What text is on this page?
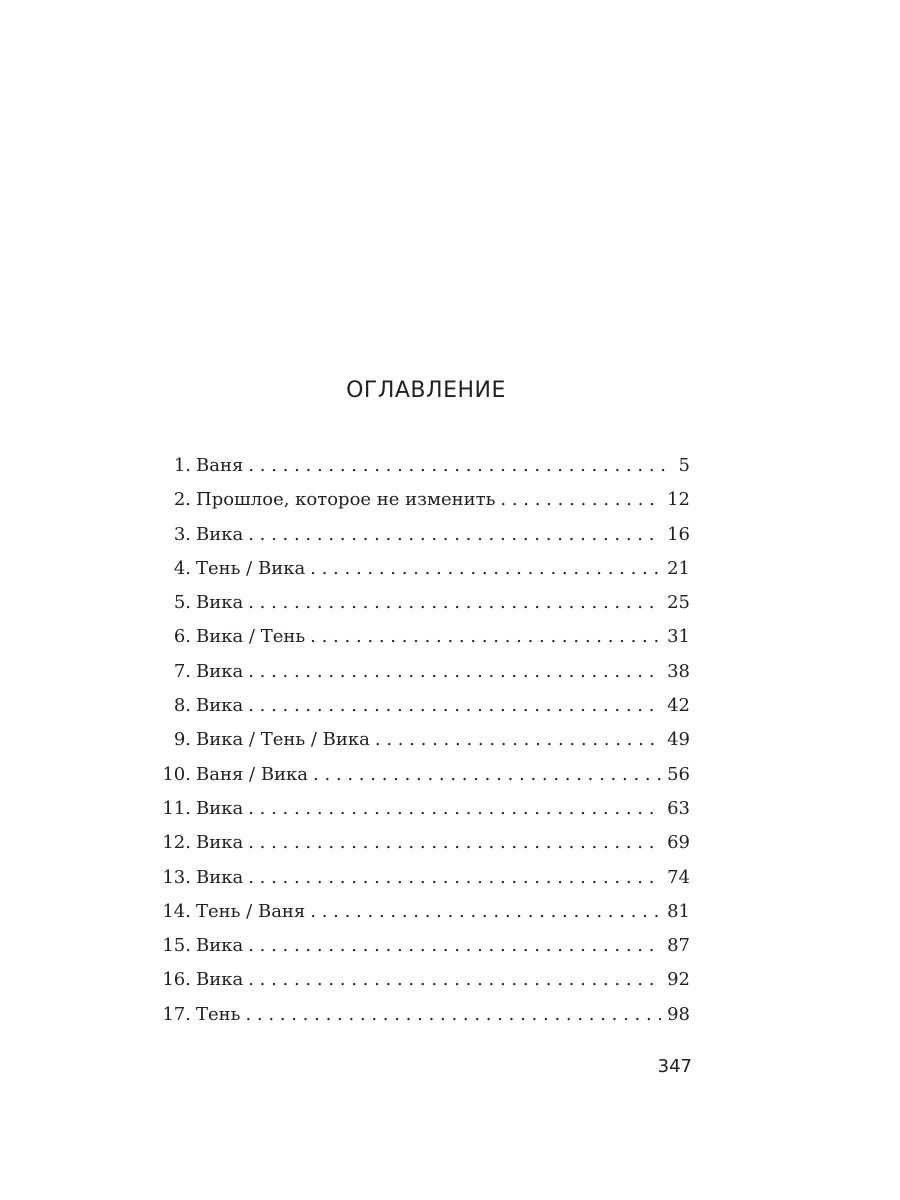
ОГЛАВЛЕНИЕ
1. Ваня . . .	5
2. Прошлое, которое не изменить . . .	12
3. Вика . . .	16
4. Тень / Вика . . .	21
5. Вика . . .	25
6. Вика / Тень . . .	31
7. Вика . . .	38
8. Вика . . .	42
9. Вика / Тень / Вика . . .	49
10. Ваня / Вика . . .	56
11. Вика . . .	63
12. Вика . . .	69
13. Вика . . .	74
14. Тень / Ваня . . .	81
15. Вика . . .	87
16. Вика . . .	92
17. Тень . . .	98
347
